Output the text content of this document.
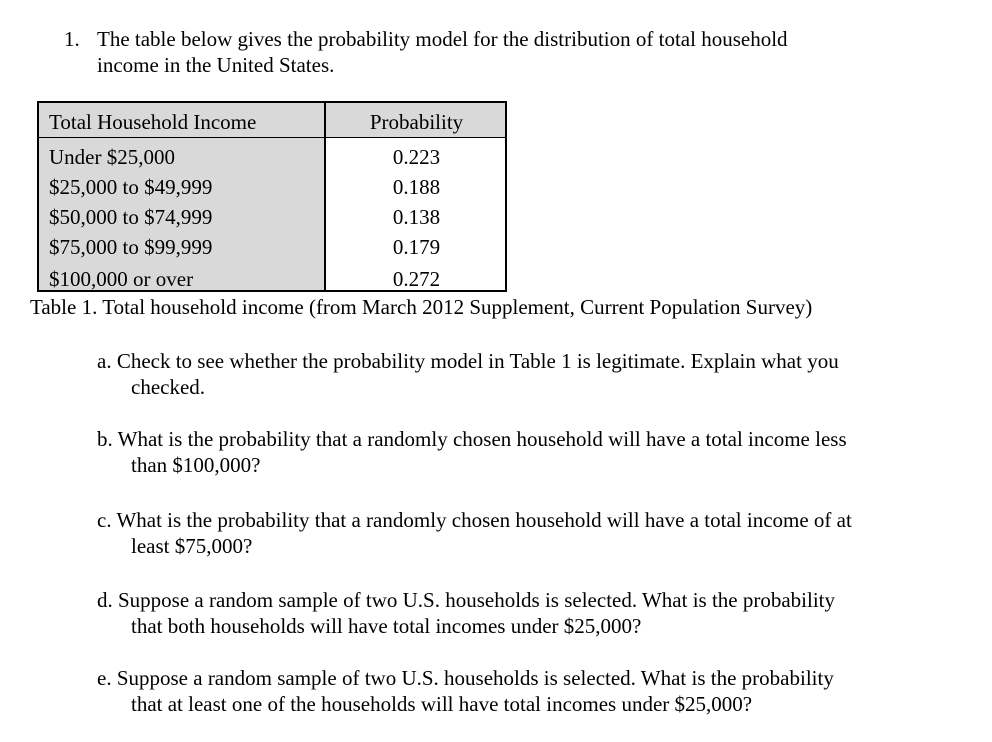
1. The table below gives the probability model for the distribution of total household
income in the United States.
Total Household Income	Probability
Under $25,000	0.223
$25,000 to $49,999	0.188
$50,000 to $74,999	0.138
$75,000 to $99,999	0.179
$100,000 or over	0.272
Table 1. Total household income (from March 2012 Supplement, Current Population Survey)
a. Check to see whether the probability model in Table 1 is legitimate. Explain what you
checked.
b. What is the probability that a randomly chosen household will have a total income less
than $100,000?
c. What is the probability that a randomly chosen household will have a total income of at
least $75,000?
d. Suppose a random sample of two U.S. households is selected. What is the probability
that both households will have total incomes under $25,000?
e. Suppose a random sample of two U.S. households is selected. What is the probability
that at least one of the households will have total incomes under $25,000?
